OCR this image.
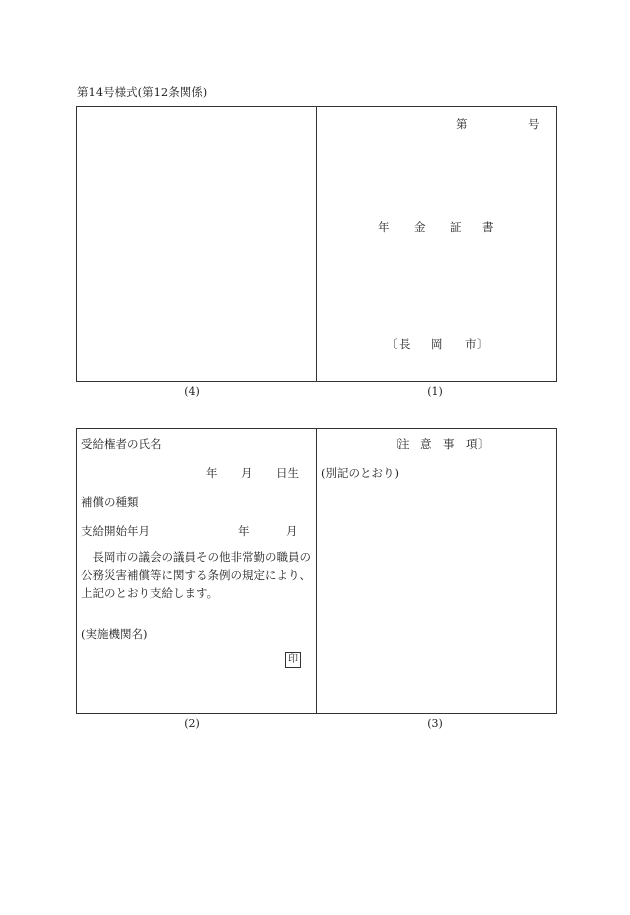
第14号様式(第12条関係)
第	号
年 金 証 書
〔 長 岡 市 〕
(4)	(1)
受給権者の氏名
年 月 日生
補償の種類
支給開始年月	年	月
長岡市の議会の議員その他非常勤の職員の公務災害補償等に関する条例の規定により、上記のとおり支給します。
(実施機関名)
印
〔
注 意 事 項 〕
(別記のとおり)
(2)	(3)
